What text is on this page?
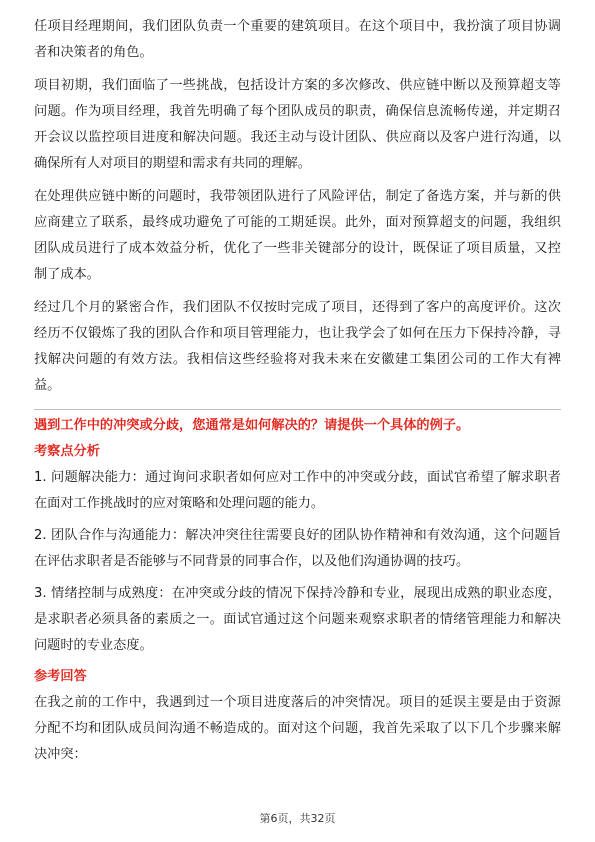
任项目经理期间，我们团队负责一个重要的建筑项目。在这个项目中，我扮演了项目协调者和决策者的角色。

项目初期，我们面临了一些挑战，包括设计方案的多次修改、供应链中断以及预算超支等问题。作为项目经理，我首先明确了每个团队成员的职责，确保信息流畅传递，并定期召开会议以监控项目进度和解决问题。我还主动与设计团队、供应商以及客户进行沟通，以确保所有人对项目的期望和需求有共同的理解。

在处理供应链中断的问题时，我带领团队进行了风险评估，制定了备选方案，并与新的供应商建立了联系，最终成功避免了可能的工期延误。此外，面对预算超支的问题，我组织团队成员进行了成本效益分析，优化了一些非关键部分的设计，既保证了项目质量，又控制了成本。

经过几个月的紧密合作，我们团队不仅按时完成了项目，还得到了客户的高度评价。这次经历不仅锻炼了我的团队合作和项目管理能力，也让我学会了如何在压力下保持冷静，寻找解决问题的有效方法。我相信这些经验将对我未来在安徽建工集团公司的工作大有裨益。

遇到工作中的冲突或分歧，您通常是如何解决的？请提供一个具体的例子。
考察点分析

1. 问题解决能力：通过询问求职者如何应对工作中的冲突或分歧，面试官希望了解求职者在面对工作挑战时的应对策略和处理问题的能力。

2. 团队合作与沟通能力：解决冲突往往需要良好的团队协作精神和有效沟通，这个问题旨在评估求职者是否能够与不同背景的同事合作，以及他们沟通协调的技巧。

3. 情绪控制与成熟度：在冲突或分歧的情况下保持冷静和专业，展现出成熟的职业态度，是求职者必须具备的素质之一。面试官通过这个问题来观察求职者的情绪管理能力和解决问题时的专业态度。

参考回答

在我之前的工作中，我遇到过一个项目进度落后的冲突情况。项目的延误主要是由于资源分配不均和团队成员间沟通不畅造成的。面对这个问题，我首先采取了以下几个步骤来解决冲突：

第6页，共32页
